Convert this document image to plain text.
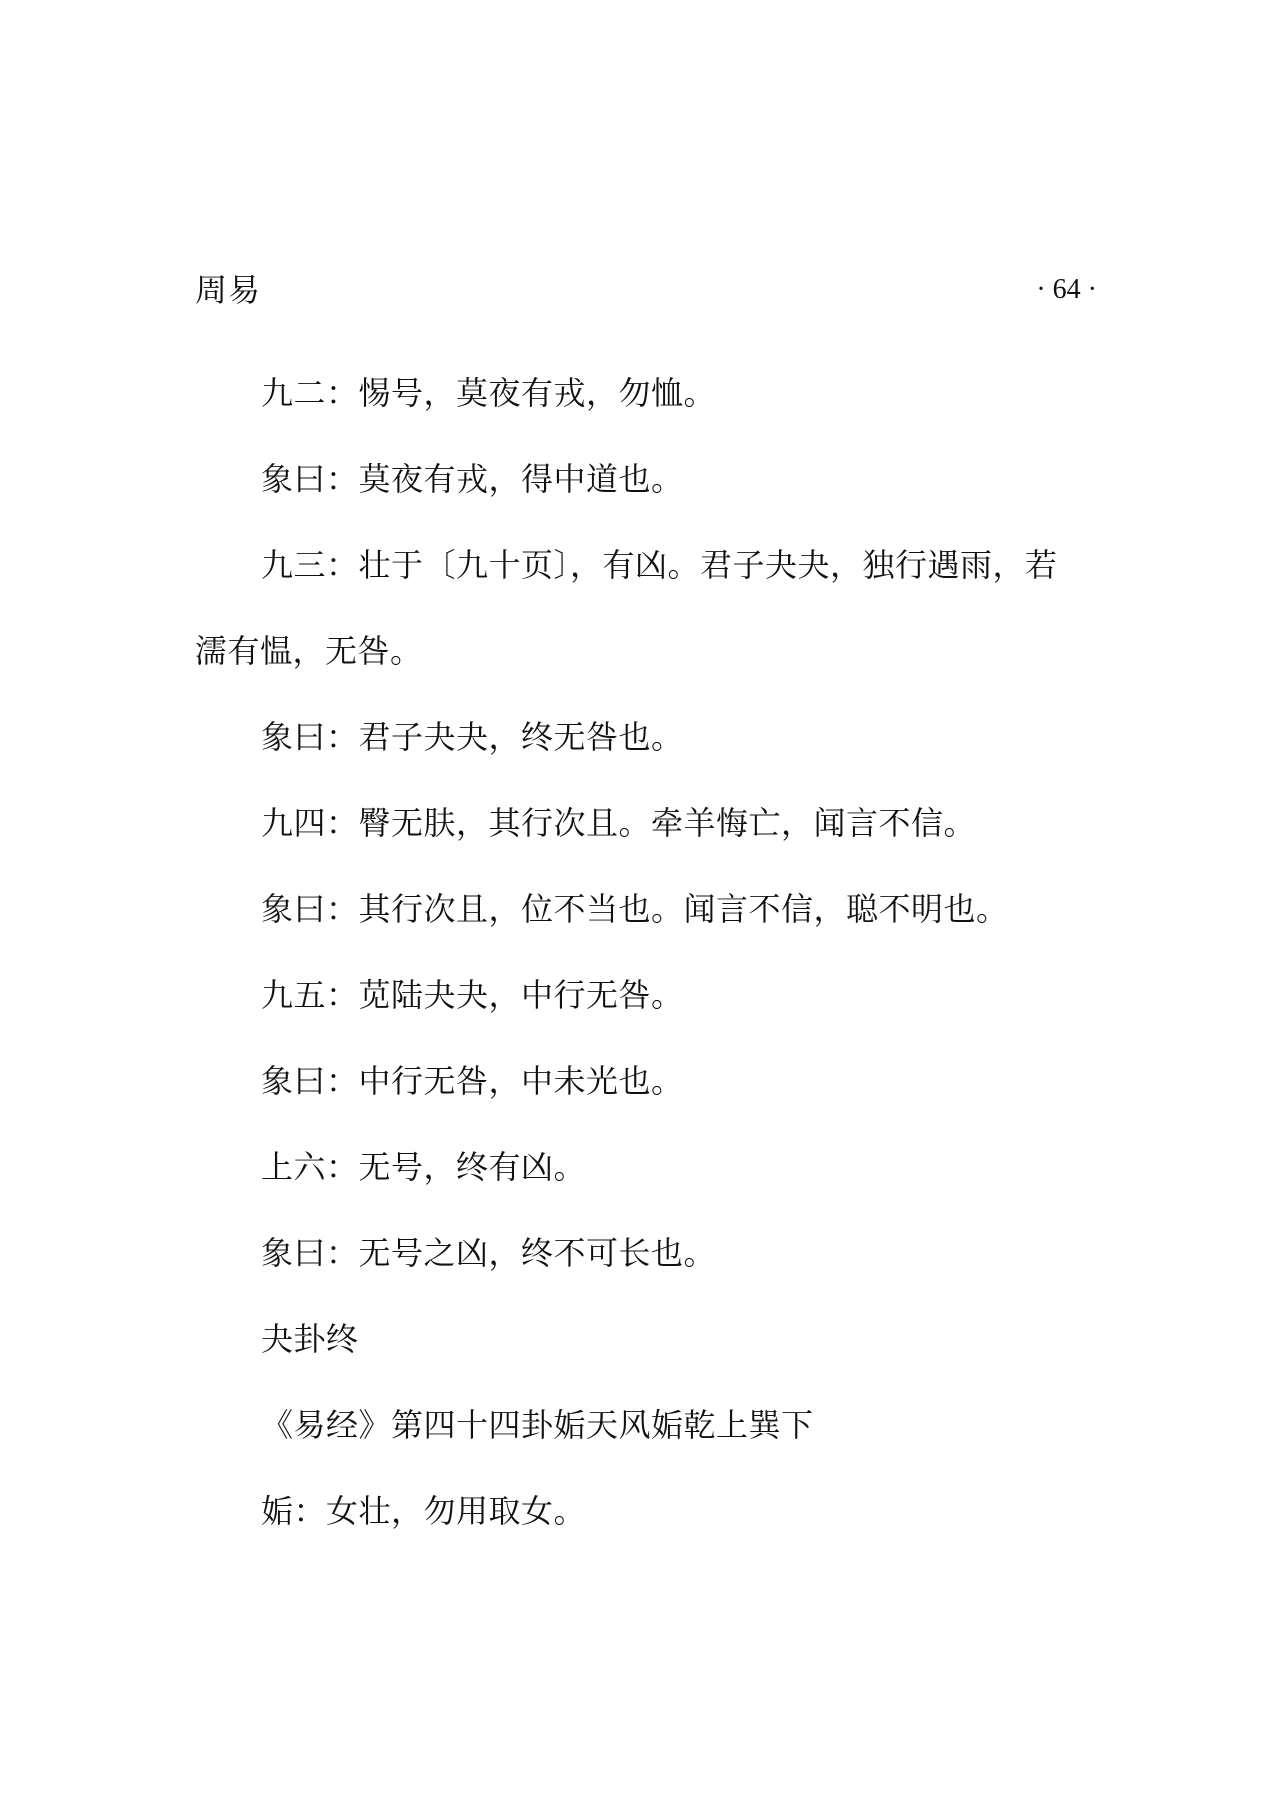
周易	· 64 ·

九二：惕号，莫夜有戎，勿恤。

象曰：莫夜有戎，得中道也。

九三：壮于〔九十页〕，有凶。君子夬夬，独行遇雨，若濡有愠，无咎。

象曰：君子夬夬，终无咎也。

九四：臀无肤，其行次且。牵羊悔亡，闻言不信。

象曰：其行次且，位不当也。闻言不信，聪不明也。

九五：苋陆夬夬，中行无咎。

象曰：中行无咎，中未光也。

上六：无号，终有凶。

象曰：无号之凶，终不可长也。

夬卦终

《易经》第四十四卦姤天风姤乾上巽下

姤：女壮，勿用取女。
